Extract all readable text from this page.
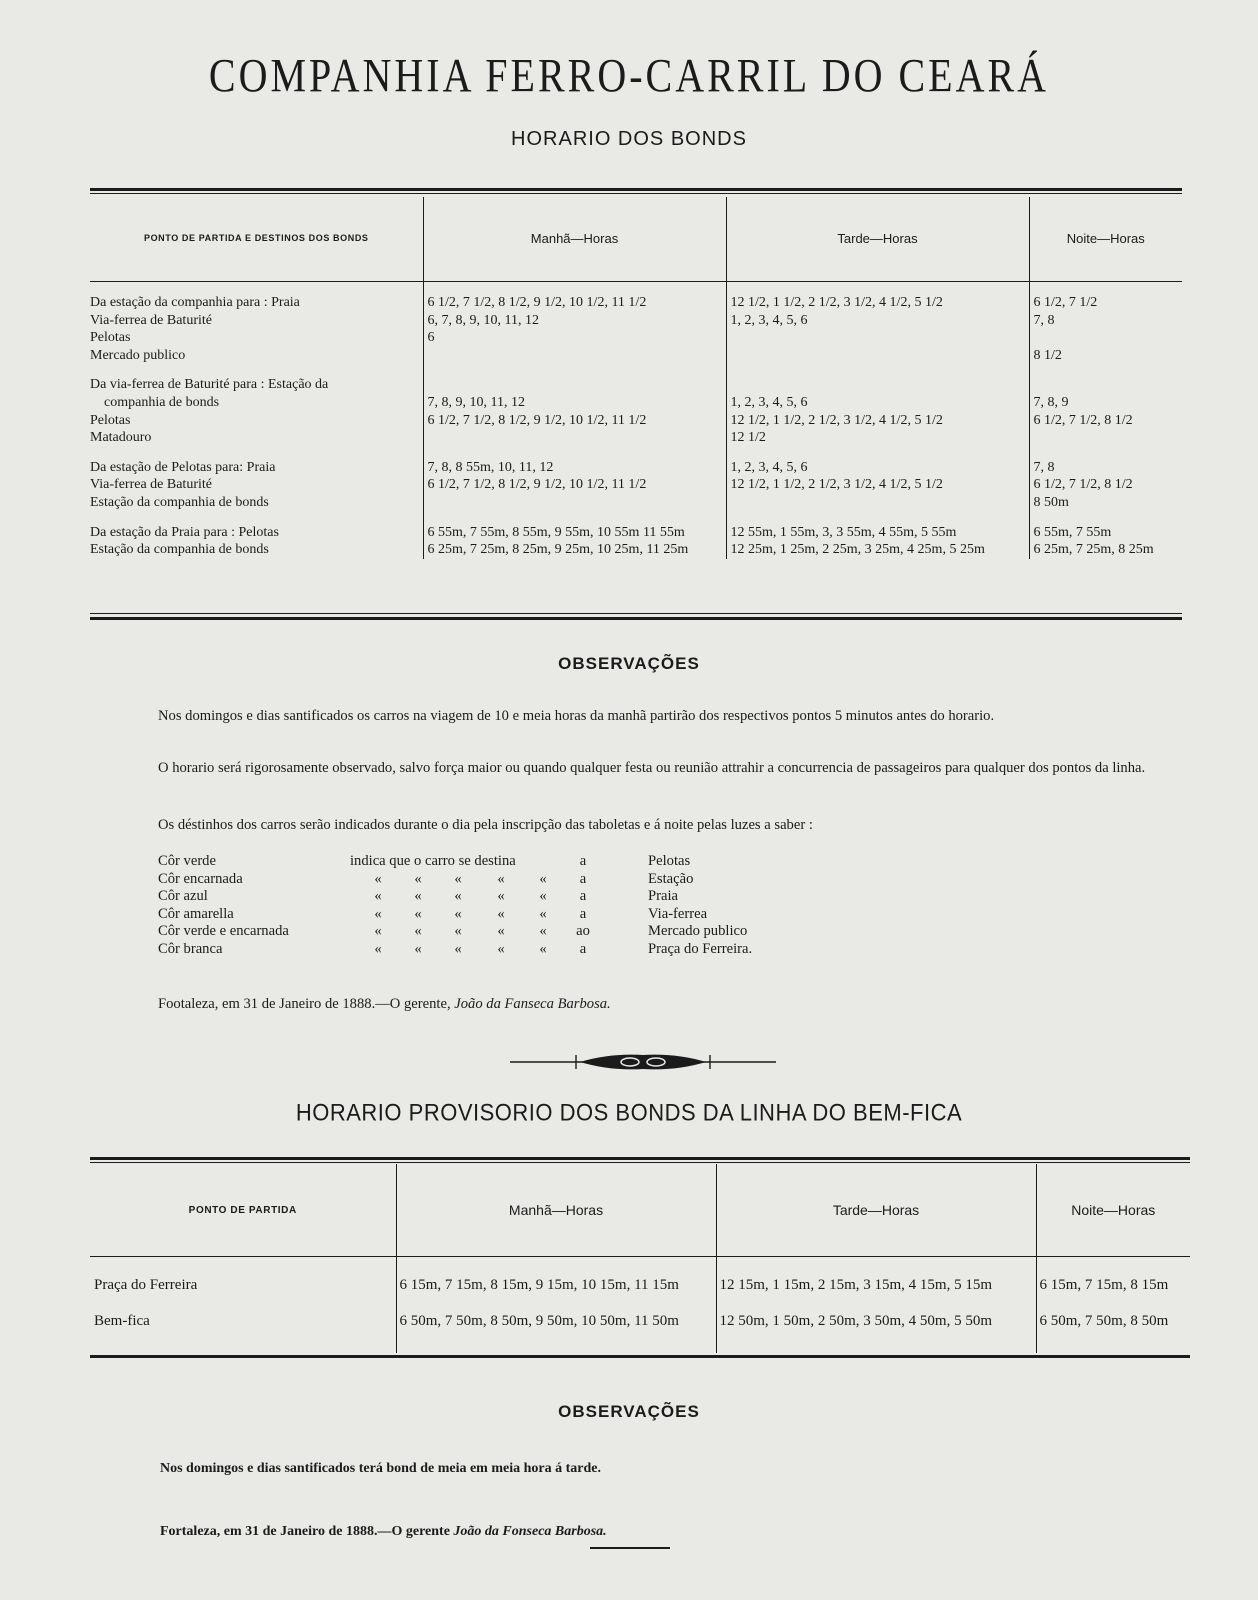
COMPANHIA FERRO-CARRIL DO CEARÁ
HORARIO DOS BONDS
PONTO DE PARTIDA E DESTINOS DOS BONDS	Manhã—Horas	Tarde—Horas	Noite—Horas

Da estação da companhia para : Praia	6 1/2, 7 1/2, 8 1/2, 9 1/2, 10 1/2, 11 1/2	12 1/2, 1 1/2, 2 1/2, 3 1/2, 4 1/2, 5 1/2	6 1/2, 7 1/2
Via-ferrea de Baturité	6, 7, 8, 9, 10, 11, 12	1, 2, 3, 4, 5, 6	7, 8
Pelotas	6		
Mercado publico			8 1/2

Da via-ferrea de Baturité para : Estação da			
companhia de bonds	7, 8, 9, 10, 11, 12	1, 2, 3, 4, 5, 6	7, 8, 9
Pelotas	6 1/2, 7 1/2, 8 1/2, 9 1/2, 10 1/2, 11 1/2	12 1/2, 1 1/2, 2 1/2, 3 1/2, 4 1/2, 5 1/2	6 1/2, 7 1/2, 8 1/2
Matadouro		12 1/2	

Da estação de Pelotas para: Praia	7, 8, 8 55m, 10, 11, 12	1, 2, 3, 4, 5, 6	7, 8
Via-ferrea de Baturité	6 1/2, 7 1/2, 8 1/2, 9 1/2, 10 1/2, 11 1/2	12 1/2, 1 1/2, 2 1/2, 3 1/2, 4 1/2, 5 1/2	6 1/2, 7 1/2, 8 1/2
Estação da companhia de bonds			8 50m

Da estação da Praia para : Pelotas	6 55m, 7 55m, 8 55m, 9 55m, 10 55m 11 55m	12 55m, 1 55m, 3, 3 55m, 4 55m, 5 55m	6 55m, 7 55m
Estação da companhia de bonds	6 25m, 7 25m, 8 25m, 9 25m, 10 25m, 11 25m	12 25m, 1 25m, 2 25m, 3 25m, 4 25m, 5 25m	6 25m, 7 25m, 8 25m
OBSERVAÇÕES

Nos domingos e dias santificados os carros na viagem de 10 e meia horas da manhã partirão dos respectivos pontos 5 minutos antes do horario.

O horario será rigorosamente observado, salvo força maior ou quando qualquer festa ou reunião attrahir a concurrencia de passageiros para qualquer dos pontos da linha.

Os déstinhos dos carros serão indicados durante o dia pela inscripção das taboletas e á noite pelas luzes a saber :

Côr verde	indica que o carro se destina	a	Pelotas
Côr encarnada	«	«	«	«	«	a	Estação
Côr azul	«	«	«	«	«	a	Praia
Côr amarella	«	«	«	«	«	a	Via-ferrea
Côr verde e encarnada	«	«	«	«	«	ao	Mercado publico
Côr branca	«	«	«	«	«	a	Praça do Ferreira.

Footaleza, em 31 de Janeiro de 1888.—O gerente, João da Fanseca Barbosa.

HORARIO PROVISORIO DOS BONDS DA LINHA DO BEM-FICA
PONTO DE PARTIDA	Manhã—Horas	Tarde—Horas	Noite—Horas

Praça do Ferreira	6 15m, 7 15m, 8 15m, 9 15m, 10 15m, 11 15m	12 15m, 1 15m, 2 15m, 3 15m, 4 15m, 5 15m	6 15m, 7 15m, 8 15m
Bem-fica	6 50m, 7 50m, 8 50m, 9 50m, 10 50m, 11 50m	12 50m, 1 50m, 2 50m, 3 50m, 4 50m, 5 50m	6 50m, 7 50m, 8 50m

OBSERVAÇÕES

Nos domingos e dias santificados terá bond de meia em meia hora á tarde.

Fortaleza, em 31 de Janeiro de 1888.—O gerente João da Fonseca Barbosa.
